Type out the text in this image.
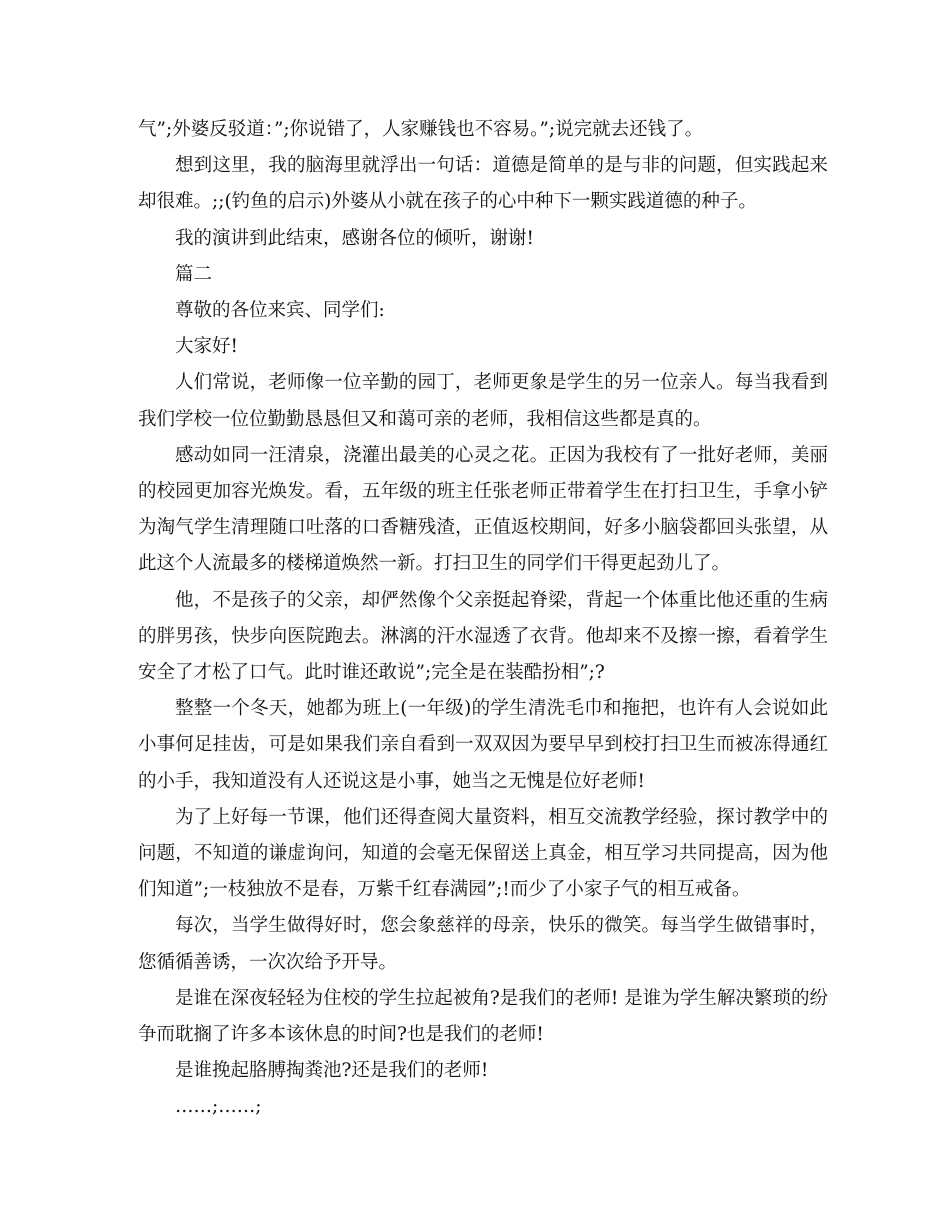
气”;外婆反驳道：”;你说错了，人家赚钱也不容易。”;说完就去还钱了。

想到这里，我的脑海里就浮出一句话：道德是简单的是与非的问题，但实践起来却很难。;;(钓鱼的启示)外婆从小就在孩子的心中种下一颗实践道德的种子。

我的演讲到此结束，感谢各位的倾听，谢谢!

篇二

尊敬的各位来宾、同学们:

大家好!

人们常说，老师像一位辛勤的园丁，老师更象是学生的另一位亲人。每当我看到我们学校一位位勤勤恳恳但又和蔼可亲的老师，我相信这些都是真的。

感动如同一汪清泉，浇灌出最美的心灵之花。正因为我校有了一批好老师，美丽的校园更加容光焕发。看，五年级的班主任张老师正带着学生在打扫卫生，手拿小铲为淘气学生清理随口吐落的口香糖残渣，正值返校期间，好多小脑袋都回头张望，从此这个人流最多的楼梯道焕然一新。打扫卫生的同学们干得更起劲儿了。

他，不是孩子的父亲，却俨然像个父亲挺起脊梁，背起一个体重比他还重的生病的胖男孩，快步向医院跑去。淋漓的汗水湿透了衣背。他却来不及擦一擦，看着学生安全了才松了口气。此时谁还敢说”;完全是在装酷扮相”;?

整整一个冬天，她都为班上(一年级)的学生清洗毛巾和拖把，也许有人会说如此小事何足挂齿，可是如果我们亲自看到一双双因为要早早到校打扫卫生而被冻得通红的小手，我知道没有人还说这是小事，她当之无愧是位好老师!

为了上好每一节课，他们还得查阅大量资料，相互交流教学经验，探讨教学中的问题，不知道的谦虚询问，知道的会毫无保留送上真金，相互学习共同提高，因为他们知道”;一枝独放不是春，万紫千红春满园”;!而少了小家子气的相互戒备。

每次，当学生做得好时，您会象慈祥的母亲，快乐的微笑。每当学生做错事时，您循循善诱，一次次给予开导。

是谁在深夜轻轻为住校的学生拉起被角?是我们的老师! 是谁为学生解决繁琐的纷争而耽搁了许多本该休息的时间?也是我们的老师!

是谁挽起胳膊掏粪池?还是我们的老师!

……;……;
